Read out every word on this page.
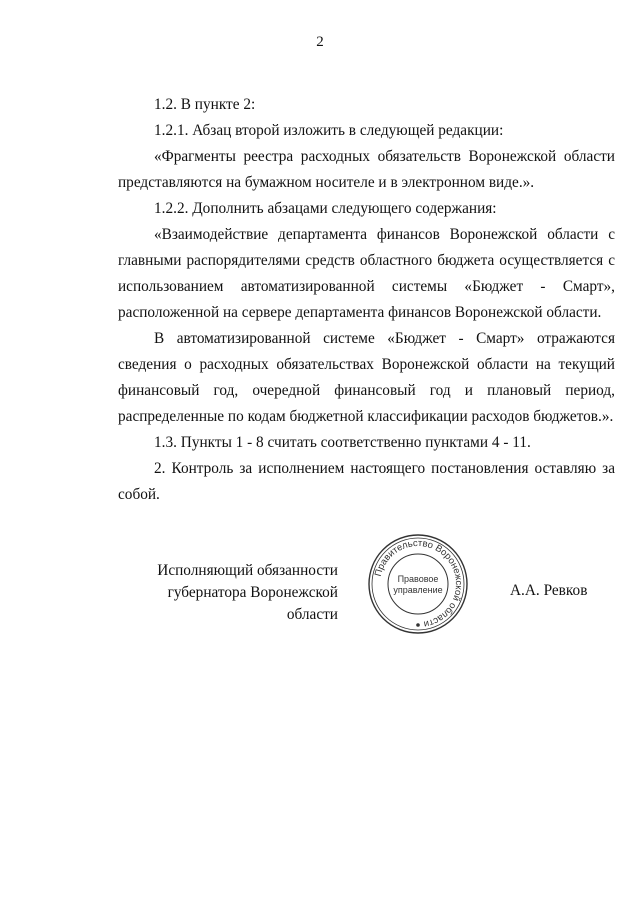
2

1.2. В пункте 2:

1.2.1. Абзац второй изложить в следующей редакции:

«Фрагменты реестра расходных обязательств Воронежской области представляются на бумажном носителе и в электронном виде.».

1.2.2. Дополнить абзацами следующего содержания:

«Взаимодействие департамента финансов Воронежской области с главными распорядителями средств областного бюджета осуществляется с использованием автоматизированной системы «Бюджет - Смарт», расположенной на сервере департамента финансов Воронежской области.

В автоматизированной системе «Бюджет - Смарт» отражаются сведения о расходных обязательствах Воронежской области на текущий финансовый год, очередной финансовый год и плановый период, распределенные по кодам бюджетной классификации расходов бюджетов.».

1.3. Пункты 1 - 8 считать соответственно пунктами 4 - 11.

2. Контроль за исполнением настоящего постановления оставляю за собой.

Исполняющий обязанности
губернатора Воронежской области
Правительство Воронежской области
Правовое
управление	А.А. Ревков
